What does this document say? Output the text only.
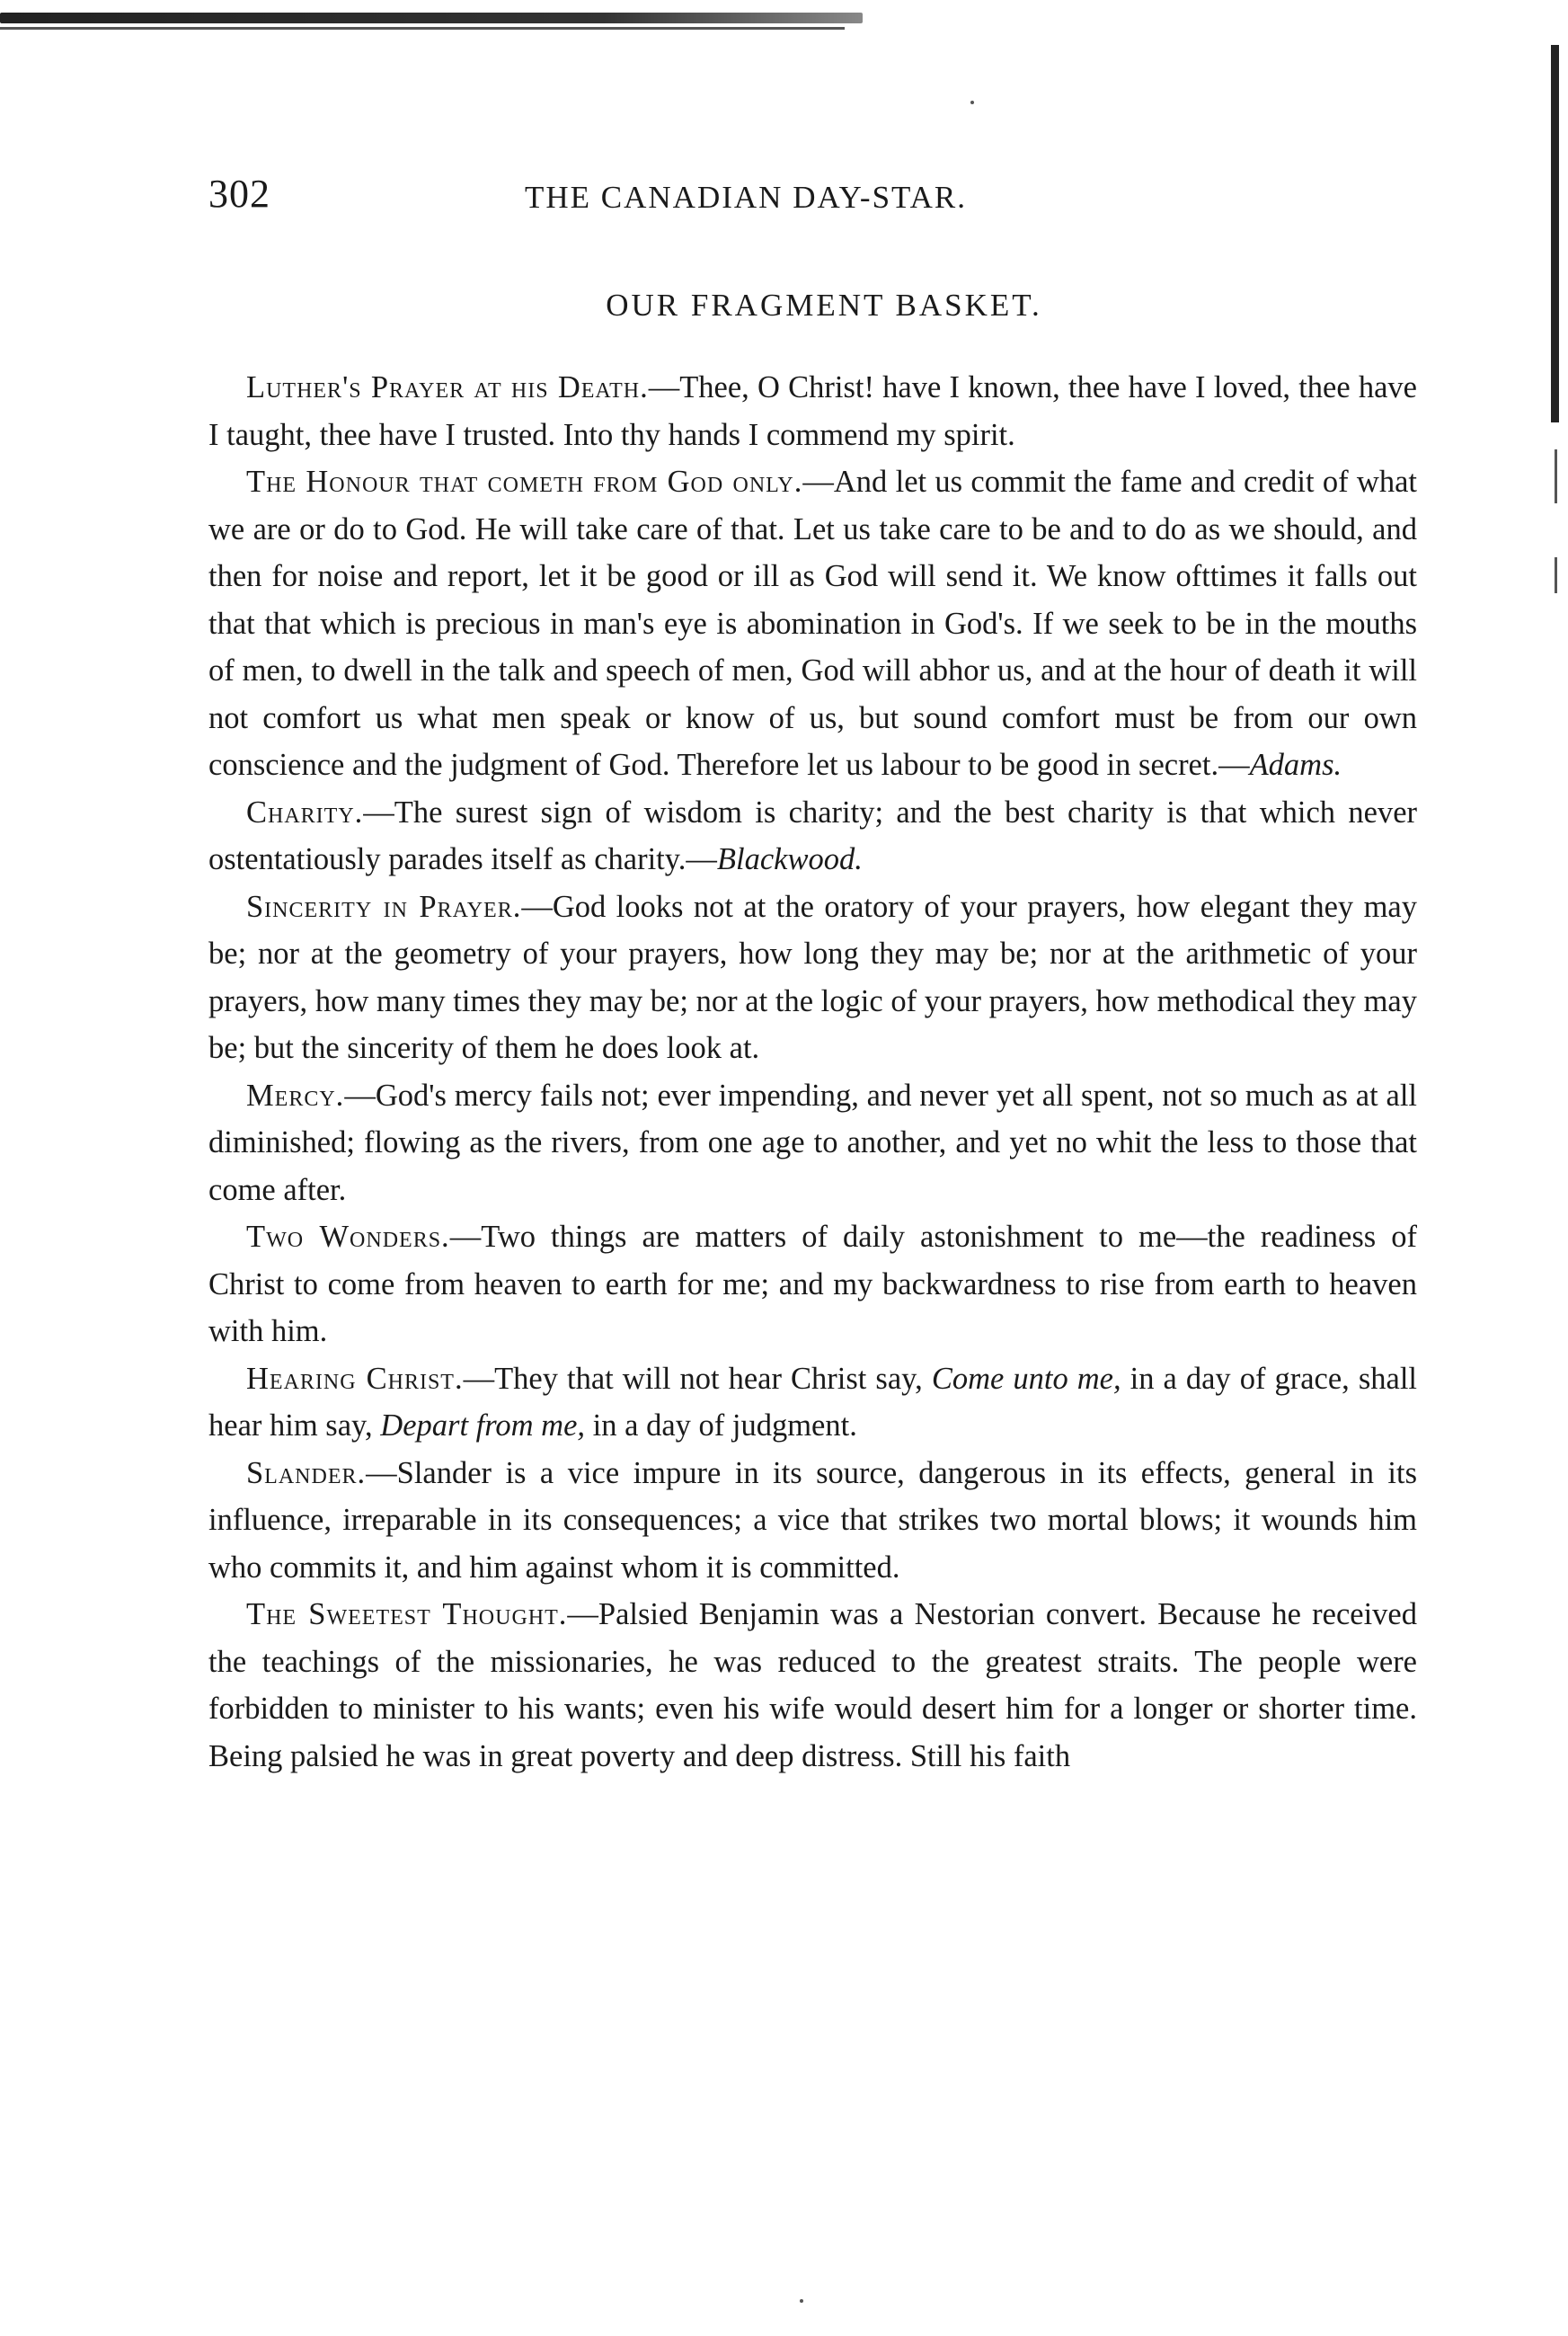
302	THE CANADIAN DAY-STAR.
OUR FRAGMENT BASKET.

Luther's Prayer at his Death.—Thee, O Christ! have I known, thee have I loved, thee have I taught, thee have I trusted. Into thy hands I commend my spirit.

The Honour that cometh from God only.—And let us commit the fame and credit of what we are or do to God. He will take care of that. Let us take care to be and to do as we should, and then for noise and report, let it be good or ill as God will send it. We know ofttimes it falls out that that which is precious in man's eye is abomination in God's. If we seek to be in the mouths of men, to dwell in the talk and speech of men, God will abhor us, and at the hour of death it will not comfort us what men speak or know of us, but sound comfort must be from our own conscience and the judgment of God. Therefore let us labour to be good in secret.—Adams.

Charity.—The surest sign of wisdom is charity; and the best charity is that which never ostentatiously parades itself as charity.—Blackwood.

Sincerity in Prayer.—God looks not at the oratory of your prayers, how elegant they may be; nor at the geometry of your prayers, how long they may be; nor at the arithmetic of your prayers, how many times they may be; nor at the logic of your prayers, how methodical they may be; but the sincerity of them he does look at.

Mercy.—God's mercy fails not; ever impending, and never yet all spent, not so much as at all diminished; flowing as the rivers, from one age to another, and yet no whit the less to those that come after.

Two Wonders.—Two things are matters of daily astonishment to me—the readiness of Christ to come from heaven to earth for me; and my backwardness to rise from earth to heaven with him.

Hearing Christ.—They that will not hear Christ say, Come unto me, in a day of grace, shall hear him say, Depart from me, in a day of judgment.

Slander.—Slander is a vice impure in its source, dangerous in its effects, general in its influence, irreparable in its consequences; a vice that strikes two mortal blows; it wounds him who commits it, and him against whom it is committed.

The Sweetest Thought.—Palsied Benjamin was a Nestorian convert. Because he received the teachings of the missionaries, he was reduced to the greatest straits. The people were forbidden to minister to his wants; even his wife would desert him for a longer or shorter time. Being palsied he was in great poverty and deep distress. Still his faith
